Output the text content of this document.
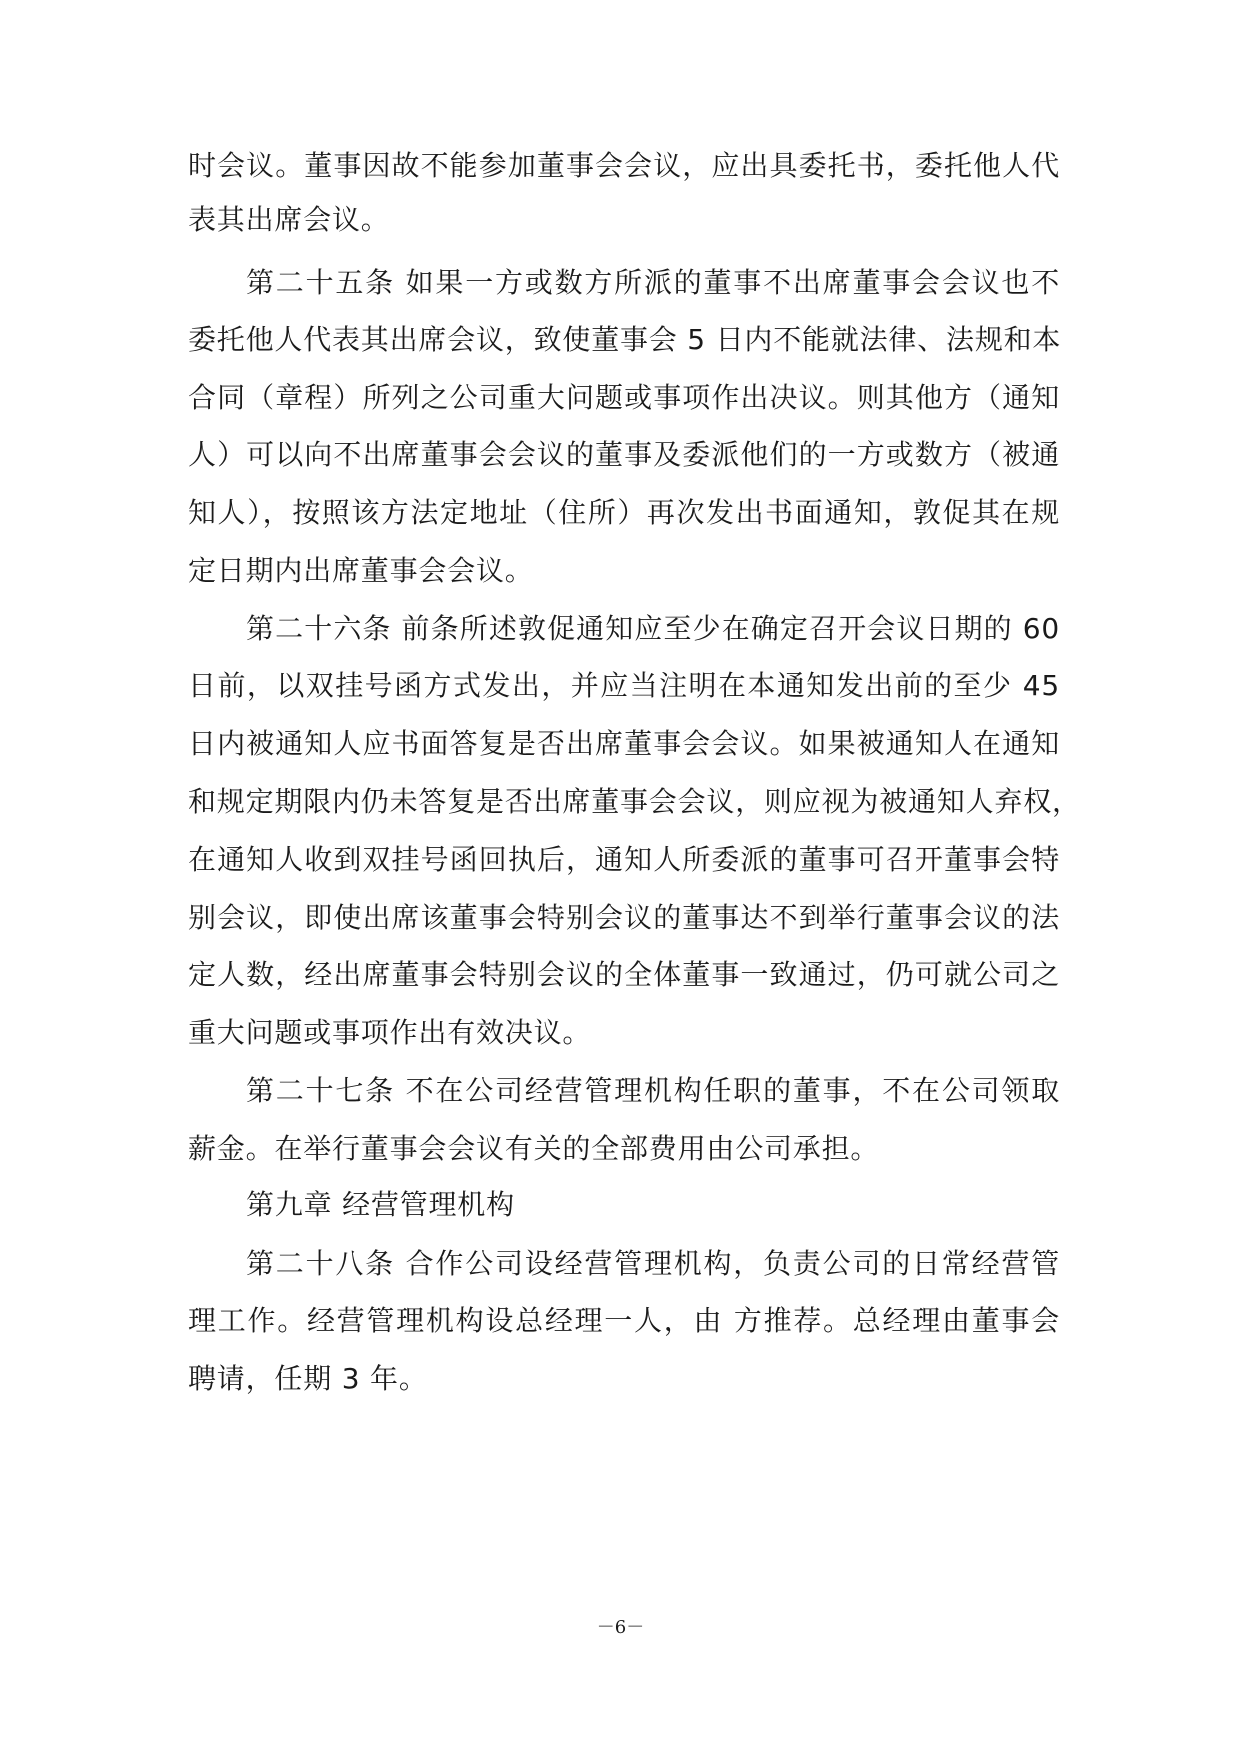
时会议。董事因故不能参加董事会会议，应出具委托书，委托他人代
表其出席会议。
第二十五条 如果一方或数方所派的董事不出席董事会会议也不
委托他人代表其出席会议，致使董事会 5 日内不能就法律、法规和本
合同（章程）所列之公司重大问题或事项作出决议。则其他方（通知
人）可以向不出席董事会会议的董事及委派他们的一方或数方（被通
知人），按照该方法定地址（住所）再次发出书面通知，敦促其在规
定日期内出席董事会会议。
第二十六条 前条所述敦促通知应至少在确定召开会议日期的 60
日前，以双挂号函方式发出，并应当注明在本通知发出前的至少 45
日内被通知人应书面答复是否出席董事会会议。如果被通知人在通知
和规定期限内仍未答复是否出席董事会会议，则应视为被通知人弃权，
在通知人收到双挂号函回执后，通知人所委派的董事可召开董事会特
别会议，即使出席该董事会特别会议的董事达不到举行董事会议的法
定人数，经出席董事会特别会议的全体董事一致通过，仍可就公司之
重大问题或事项作出有效决议。
第二十七条 不在公司经营管理机构任职的董事，不在公司领取
薪金。在举行董事会会议有关的全部费用由公司承担。
第九章 经营管理机构
第二十八条 合作公司设经营管理机构，负责公司的日常经营管
理工作。经营管理机构设总经理一人，由 方推荐。总经理由董事会
聘请，任期 3 年。
－6－
